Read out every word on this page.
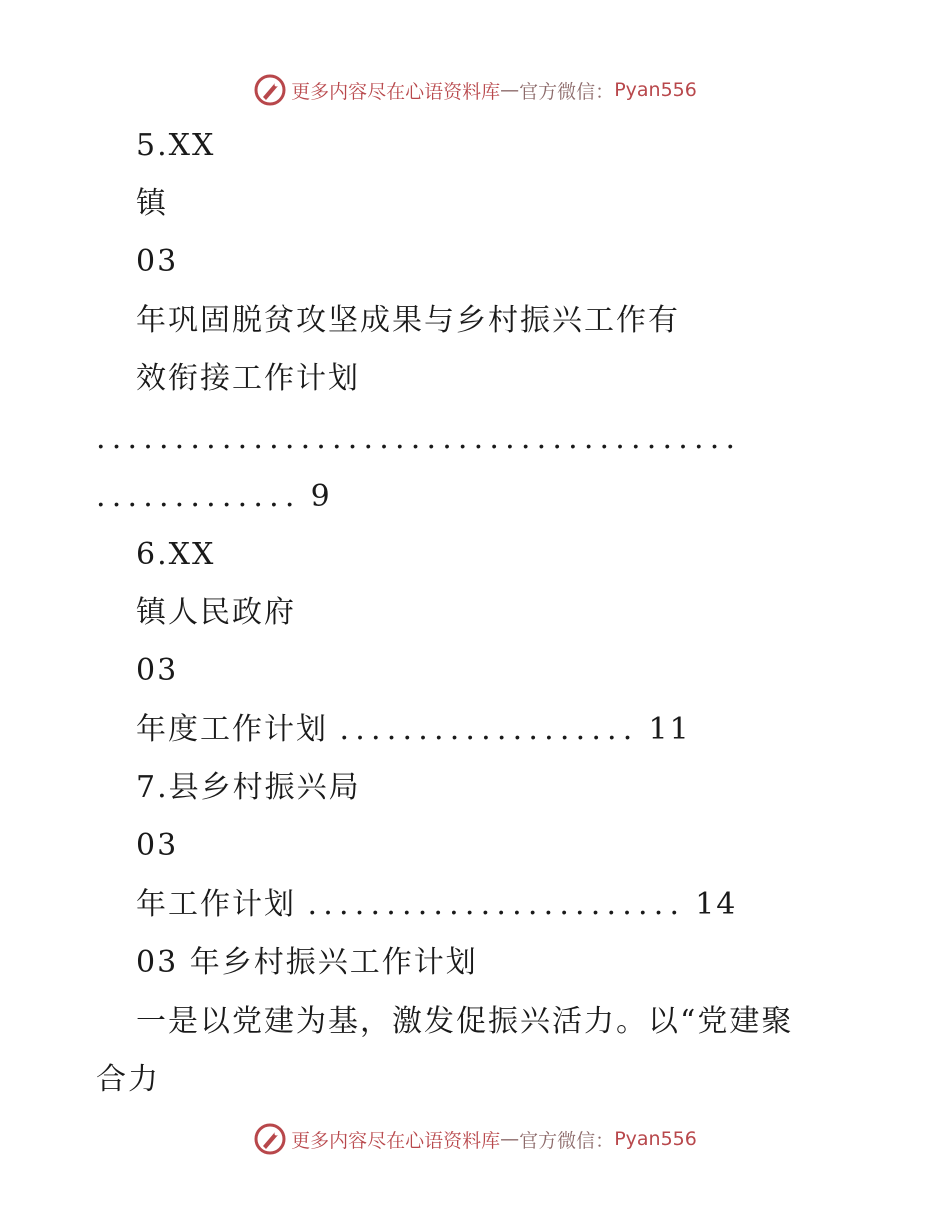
更多内容尽在心语资料库 — 官方微信： Pyan556
5.XX
镇
03
年巩固脱贫攻坚成果与乡村振兴工作有
效衔接工作计划
.........................................
............. 9
6.XX
镇人民政府
03
年度工作计划 ................... 11
7.县乡村振兴局
03
年工作计划 ........................ 14
03 年乡村振兴工作计划
一是以党建为基，激发促振兴活力。以“党建聚
合力
更多内容尽在心语资料库 — 官方微信： Pyan556
